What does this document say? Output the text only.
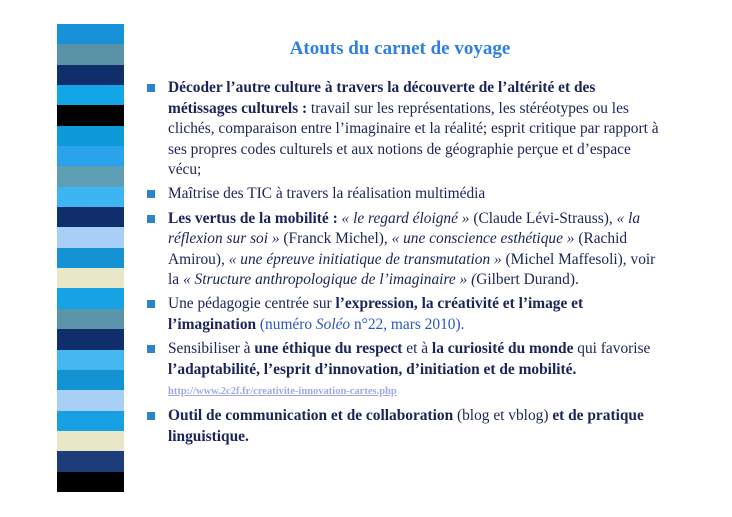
Atouts du carnet de voyage
Décoder l’autre culture à travers la découverte de l’altérité et des métissages culturels : travail sur les représentations, les stéréotypes ou les clichés, comparaison entre l’imaginaire et la réalité; esprit critique par rapport à ses propres codes culturels et aux notions de géographie perçue et d’espace vécu;
Maîtrise des TIC à travers la réalisation multimédia
Les vertus de la mobilité : « le regard éloigné » (Claude Lévi-Strauss), « la réflexion sur soi » (Franck Michel), « une conscience esthétique » (Rachid Amirou), « une épreuve initiatique de transmutation » (Michel Maffesoli), voir la « Structure anthropologique de l’imaginaire » (Gilbert Durand).
Une pédagogie centrée sur l’expression, la créativité et l’image et l’imagination (numéro Soléo n°22, mars 2010).
Sensibiliser à une éthique du respect et à la curiosité du monde qui favorise l’adaptabilité, l’esprit d’innovation, d’initiation et de mobilité. http://www.2c2f.fr/creativite-innovation-cartes.php
Outil de communication et de collaboration (blog et vblog) et de pratique linguistique.
